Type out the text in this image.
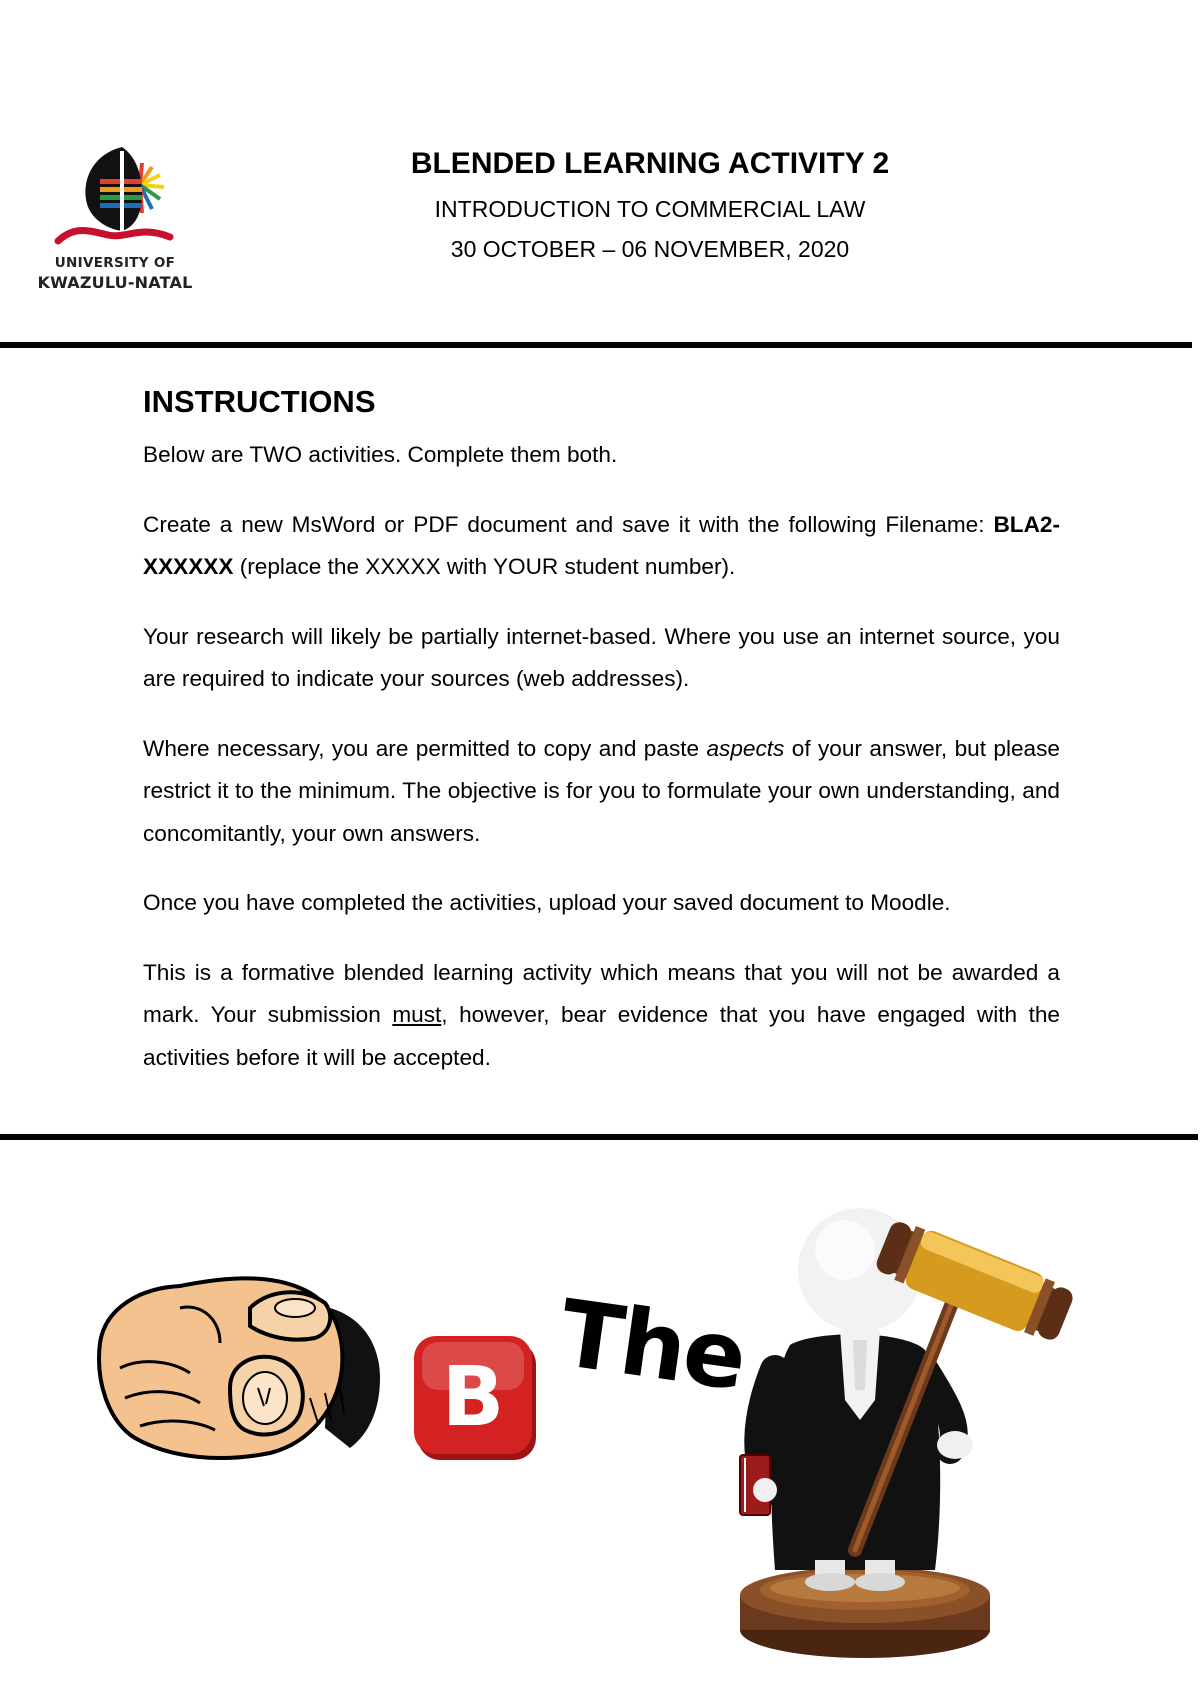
UNIVERSITY OF
KWAZULU-NATAL
BLENDED LEARNING ACTIVITY 2
INTRODUCTION TO COMMERCIAL LAW
30 OCTOBER – 06 NOVEMBER, 2020
INSTRUCTIONS

Below are TWO activities. Complete them both.

Create a new MsWord or PDF document and save it with the following Filename: BLA2-XXXXXX (replace the XXXXX with YOUR student number).

Your research will likely be partially internet-based. Where you use an internet source, you are required to indicate your sources (web addresses).

Where necessary, you are permitted to copy and paste aspects of your answer, but please restrict it to the minimum. The objective is for you to formulate your own understanding, and concomitantly, your own answers.

Once you have completed the activities, upload your saved document to Moodle.

This is a formative blended learning activity which means that you will not be awarded a mark. Your submission must, however, bear evidence that you have engaged with the activities before it will be accepted.

B The
